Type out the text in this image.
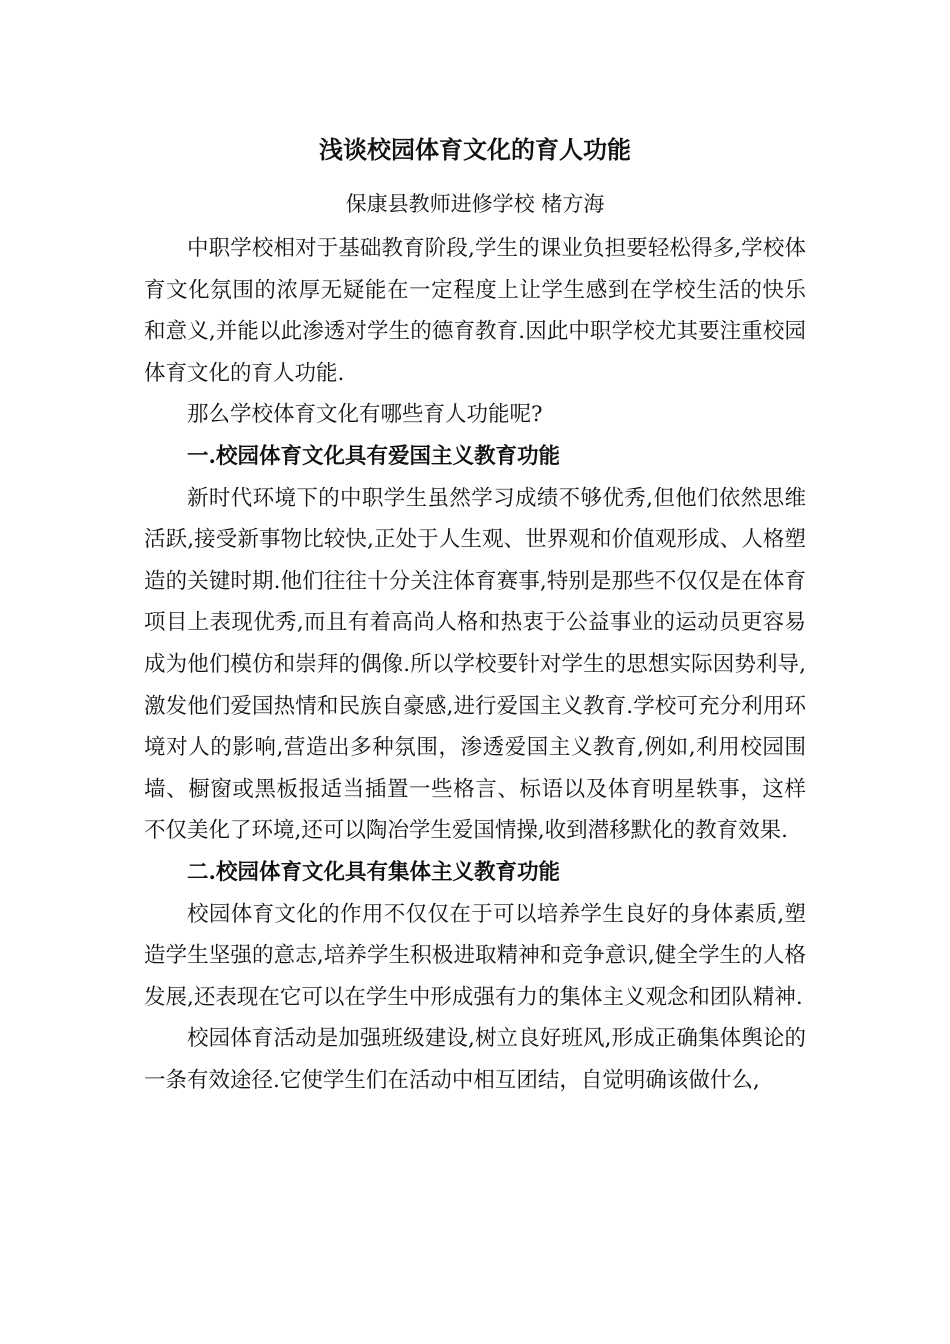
浅谈校园体育文化的育人功能

保康县教师进修学校 楮方海

中职学校相对于基础教育阶段,学生的课业负担要轻松得多,学校体育文化氛围的浓厚无疑能在一定程度上让学生感到在学校生活的快乐和意义,并能以此渗透对学生的德育教育.因此中职学校尤其要注重校园体育文化的育人功能.

那么学校体育文化有哪些育人功能呢?

一.校园体育文化具有爱国主义教育功能

新时代环境下的中职学生虽然学习成绩不够优秀,但他们依然思维活跃,接受新事物比较快,正处于人生观、世界观和价值观形成、人格塑造的关键时期.他们往往十分关注体育赛事,特别是那些不仅仅是在体育项目上表现优秀,而且有着高尚人格和热衷于公益事业的运动员更容易成为他们模仿和崇拜的偶像.所以学校要针对学生的思想实际因势利导,激发他们爱国热情和民族自豪感,进行爱国主义教育.学校可充分利用环境对人的影响,营造出多种氛围，渗透爱国主义教育,例如,利用校园围墙、橱窗或黑板报适当插置一些格言、标语以及体育明星轶事，这样不仅美化了环境,还可以陶冶学生爱国情操,收到潜移默化的教育效果.

二.校园体育文化具有集体主义教育功能

校园体育文化的作用不仅仅在于可以培养学生良好的身体素质,塑造学生坚强的意志,培养学生积极进取精神和竞争意识,健全学生的人格发展,还表现在它可以在学生中形成强有力的集体主义观念和团队精神.

校园体育活动是加强班级建设,树立良好班风,形成正确集体舆论的一条有效途径.它使学生们在活动中相互团结，自觉明确该做什么,
